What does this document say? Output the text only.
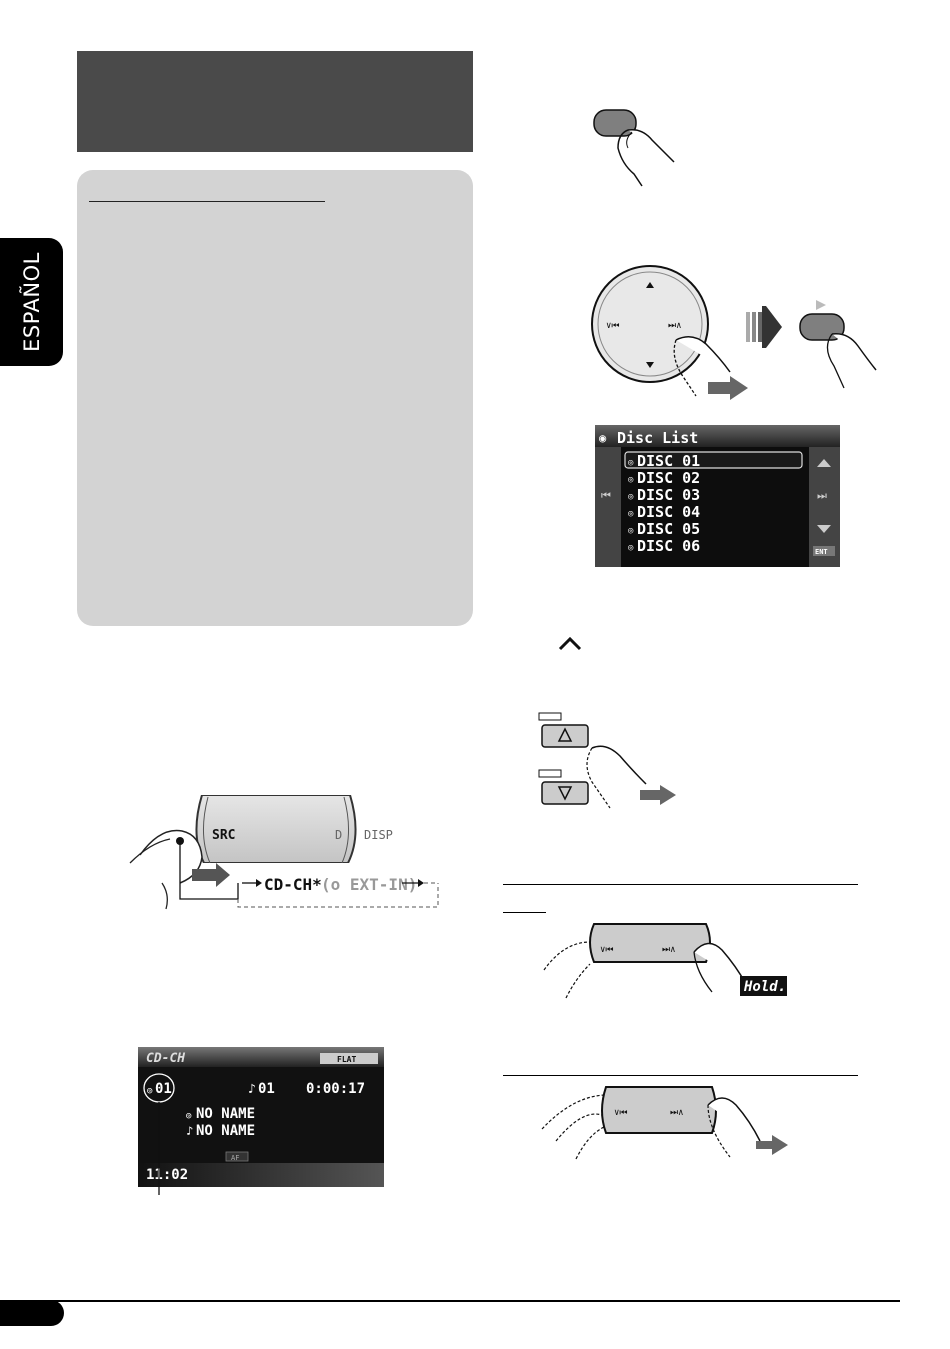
ESPAÑOL
SRC	D DISP
CD-CH* (o EXT-IN)
CD-CH	FLAT
◎ 01	♪ 01 0:00:17
◎ NO NAME
♪ NO NAME
AF
11:02
∨⏮	⏭∧
◉ Disc List
⏮	⏭
ENT
◎ DISC 01
◎ DISC 02
◎ DISC 03
◎ DISC 04
◎ DISC 05
◎ DISC 06
∨⏮	⏭∧
Hold....
∨⏮	⏭∧
